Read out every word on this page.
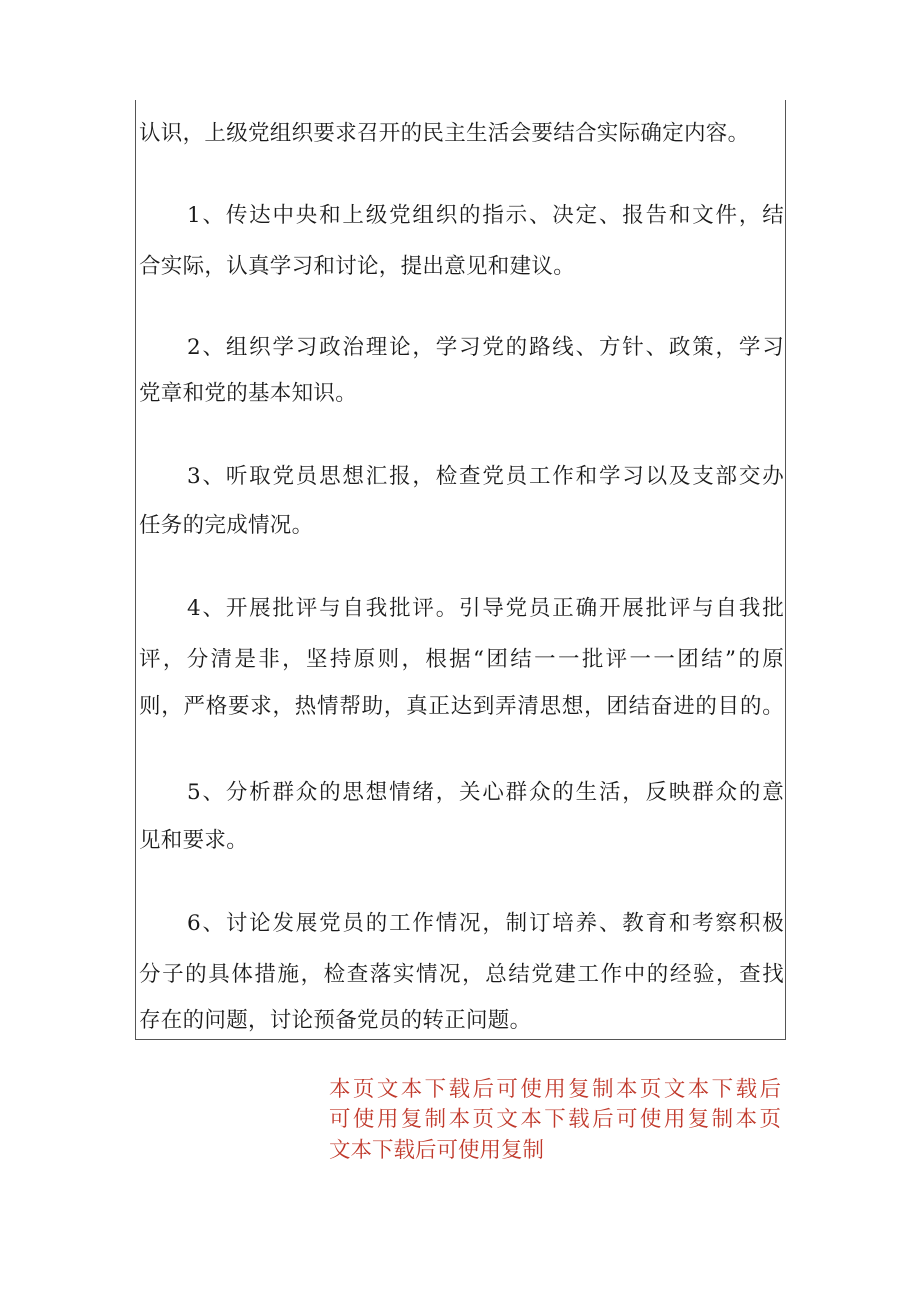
认识，上级党组织要求召开的民主生活会要结合实际确定内容。
1、传达中央和上级党组织的指示、决定、报告和文件，结
合实际，认真学习和讨论，提出意见和建议。
2、组织学习政治理论，学习党的路线、方针、政策，学习
党章和党的基本知识。
3、听取党员思想汇报，检查党员工作和学习以及支部交办
任务的完成情况。
4、开展批评与自我批评。引导党员正确开展批评与自我批
评，分清是非，坚持原则，根据“团结一一批评一一团结”的原
则，严格要求，热情帮助，真正达到弄清思想，团结奋进的目的。
5、分析群众的思想情绪，关心群众的生活，反映群众的意
见和要求。
6、讨论发展党员的工作情况，制订培养、教育和考察积极
分子的具体措施，检查落实情况，总结党建工作中的经验，查找
存在的问题，讨论预备党员的转正问题。
本页文本下载后可使用复制本页文本下载后
可使用复制本页文本下载后可使用复制本页
文本下载后可使用复制
